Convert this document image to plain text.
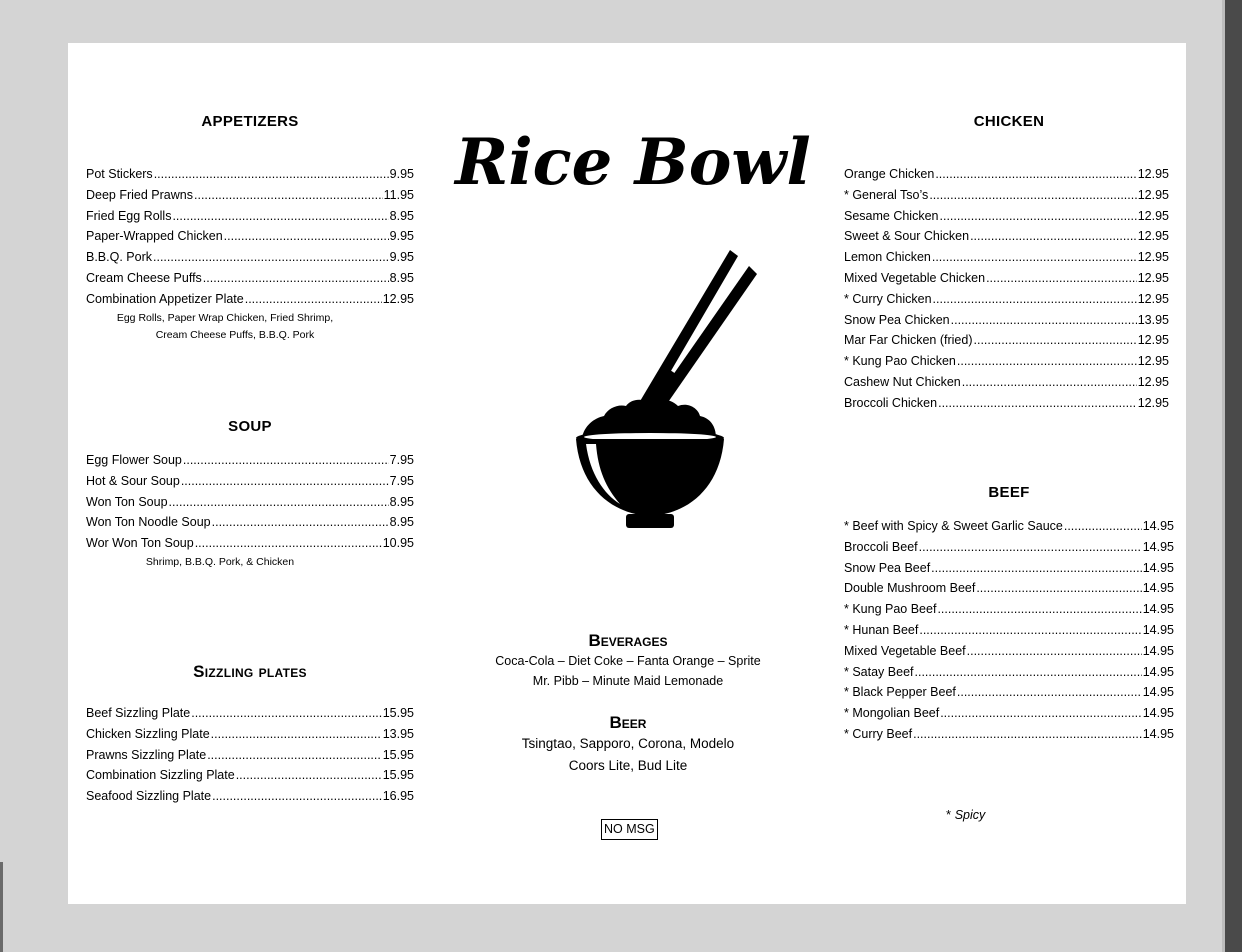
APPETIZERS
Pot Stickers .....	9.95
Deep Fried Prawns .....	11.95
Fried Egg Rolls .....	8.95
Paper-Wrapped Chicken .....	9.95
B.B.Q. Pork .....	9.95
Cream Cheese Puffs .....	8.95
Combination Appetizer Plate .....	12.95
Egg Rolls, Paper Wrap Chicken, Fried Shrimp,
Cream Cheese Puffs, B.B.Q. Pork
SOUP
Egg Flower Soup .....	7.95
Hot & Sour Soup .....	7.95
Won Ton Soup .....	8.95
Won Ton Noodle Soup .....	8.95
Wor Won Ton Soup .....	10.95
Shrimp, B.B.Q. Pork, & Chicken
Sizzling plates
Beef Sizzling Plate .....	15.95
Chicken Sizzling Plate .....	13.95
Prawns Sizzling Plate .....	15.95
Combination Sizzling Plate .....	15.95
Seafood Sizzling Plate .....	16.95
Rice Bowl
Beverages
Coca-Cola – Diet Coke – Fanta Orange – Sprite
Mr. Pibb – Minute Maid Lemonade
Beer
Tsingtao, Sapporo, Corona, Modelo
Coors Lite, Bud Lite
NO MSG
CHICKEN
Orange Chicken .....	12.95
* General Tso’s .....	12.95
Sesame Chicken .....	12.95
Sweet & Sour Chicken .....	12.95
Lemon Chicken .....	12.95
Mixed Vegetable Chicken .....	12.95
* Curry Chicken .....	12.95
Snow Pea Chicken .....	13.95
Mar Far Chicken (fried) .....	12.95
* Kung Pao Chicken .....	12.95
Cashew Nut Chicken .....	12.95
Broccoli Chicken .....	12.95
BEEF
* Beef with Spicy & Sweet Garlic Sauce .....	14.95
Broccoli Beef .....	14.95
Snow Pea Beef .....	14.95
Double Mushroom Beef .....	14.95
* Kung Pao Beef .....	14.95
* Hunan Beef .....	14.95
Mixed Vegetable Beef .....	14.95
* Satay Beef .....	14.95
* Black Pepper Beef .....	14.95
* Mongolian Beef .....	14.95
* Curry Beef .....	14.95
* Spicy
